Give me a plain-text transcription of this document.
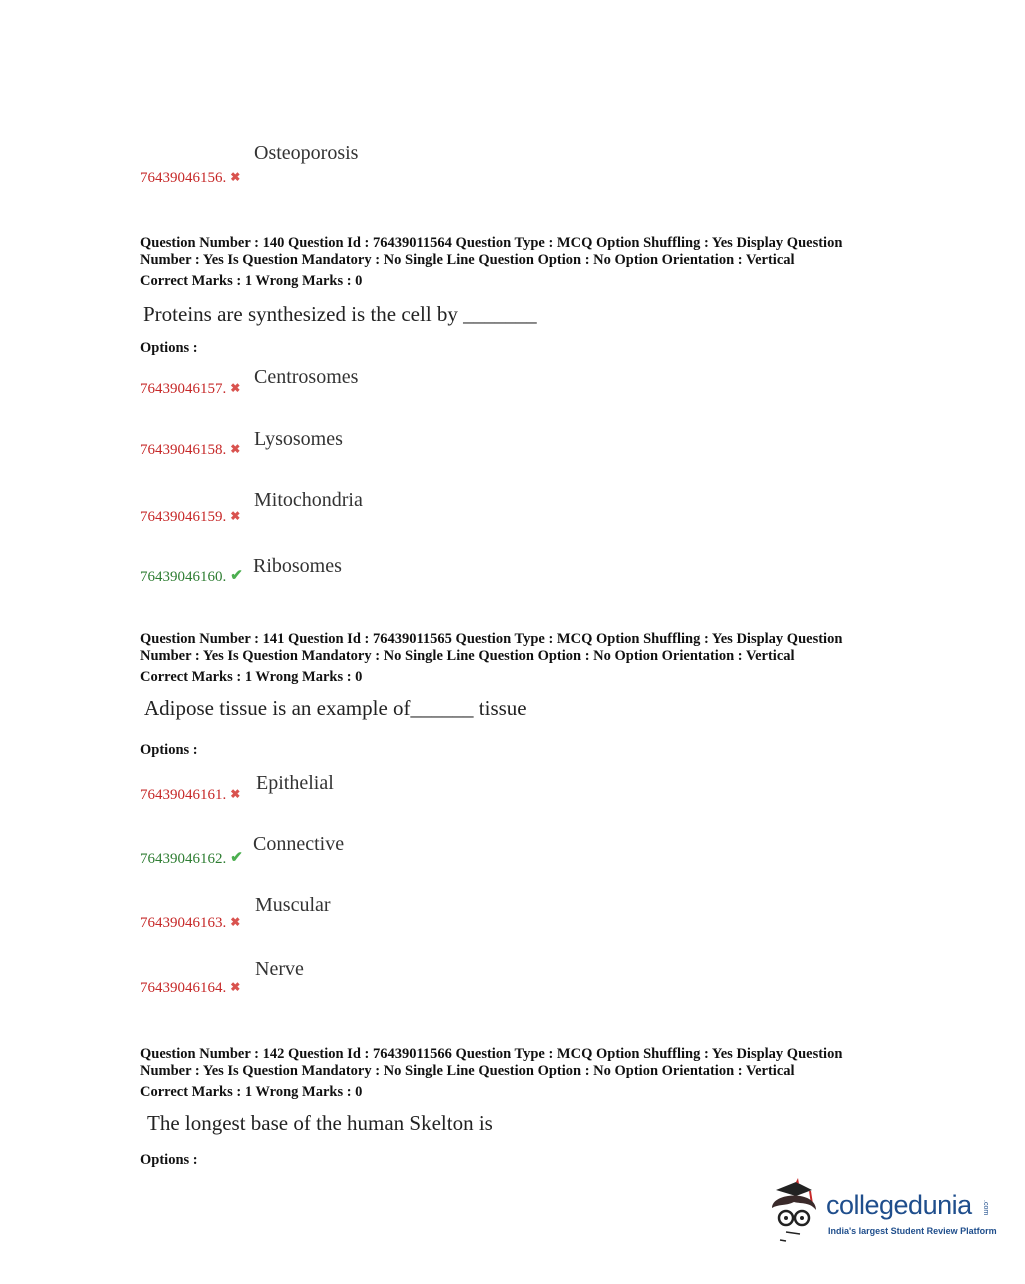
Osteoporosis
76439046156. ✖
Question Number : 140 Question Id : 76439011564 Question Type : MCQ Option Shuffling : Yes Display Question
Number : Yes Is Question Mandatory : No Single Line Question Option : No Option Orientation : Vertical
Correct Marks : 1 Wrong Marks : 0
Proteins are synthesized is the cell by _______
Options :
76439046157. ✖ Centrosomes
76439046158. ✖ Lysosomes
Mitochondria
76439046159. ✖
76439046160. ✔ Ribosomes
Question Number : 141 Question Id : 76439011565 Question Type : MCQ Option Shuffling : Yes Display Question
Number : Yes Is Question Mandatory : No Single Line Question Option : No Option Orientation : Vertical
Correct Marks : 1 Wrong Marks : 0
Adipose tissue is an example of______ tissue
Options :
76439046161. ✖ Epithelial
76439046162. ✔
Connective
Muscular
76439046163. ✖
Nerve
76439046164. ✖
Question Number : 142 Question Id : 76439011566 Question Type : MCQ Option Shuffling : Yes Display Question
Number : Yes Is Question Mandatory : No Single Line Question Option : No Option Orientation : Vertical
Correct Marks : 1 Wrong Marks : 0
The longest base of the human Skelton is
Options :
collegedunia .com
India's largest Student Review Platform
